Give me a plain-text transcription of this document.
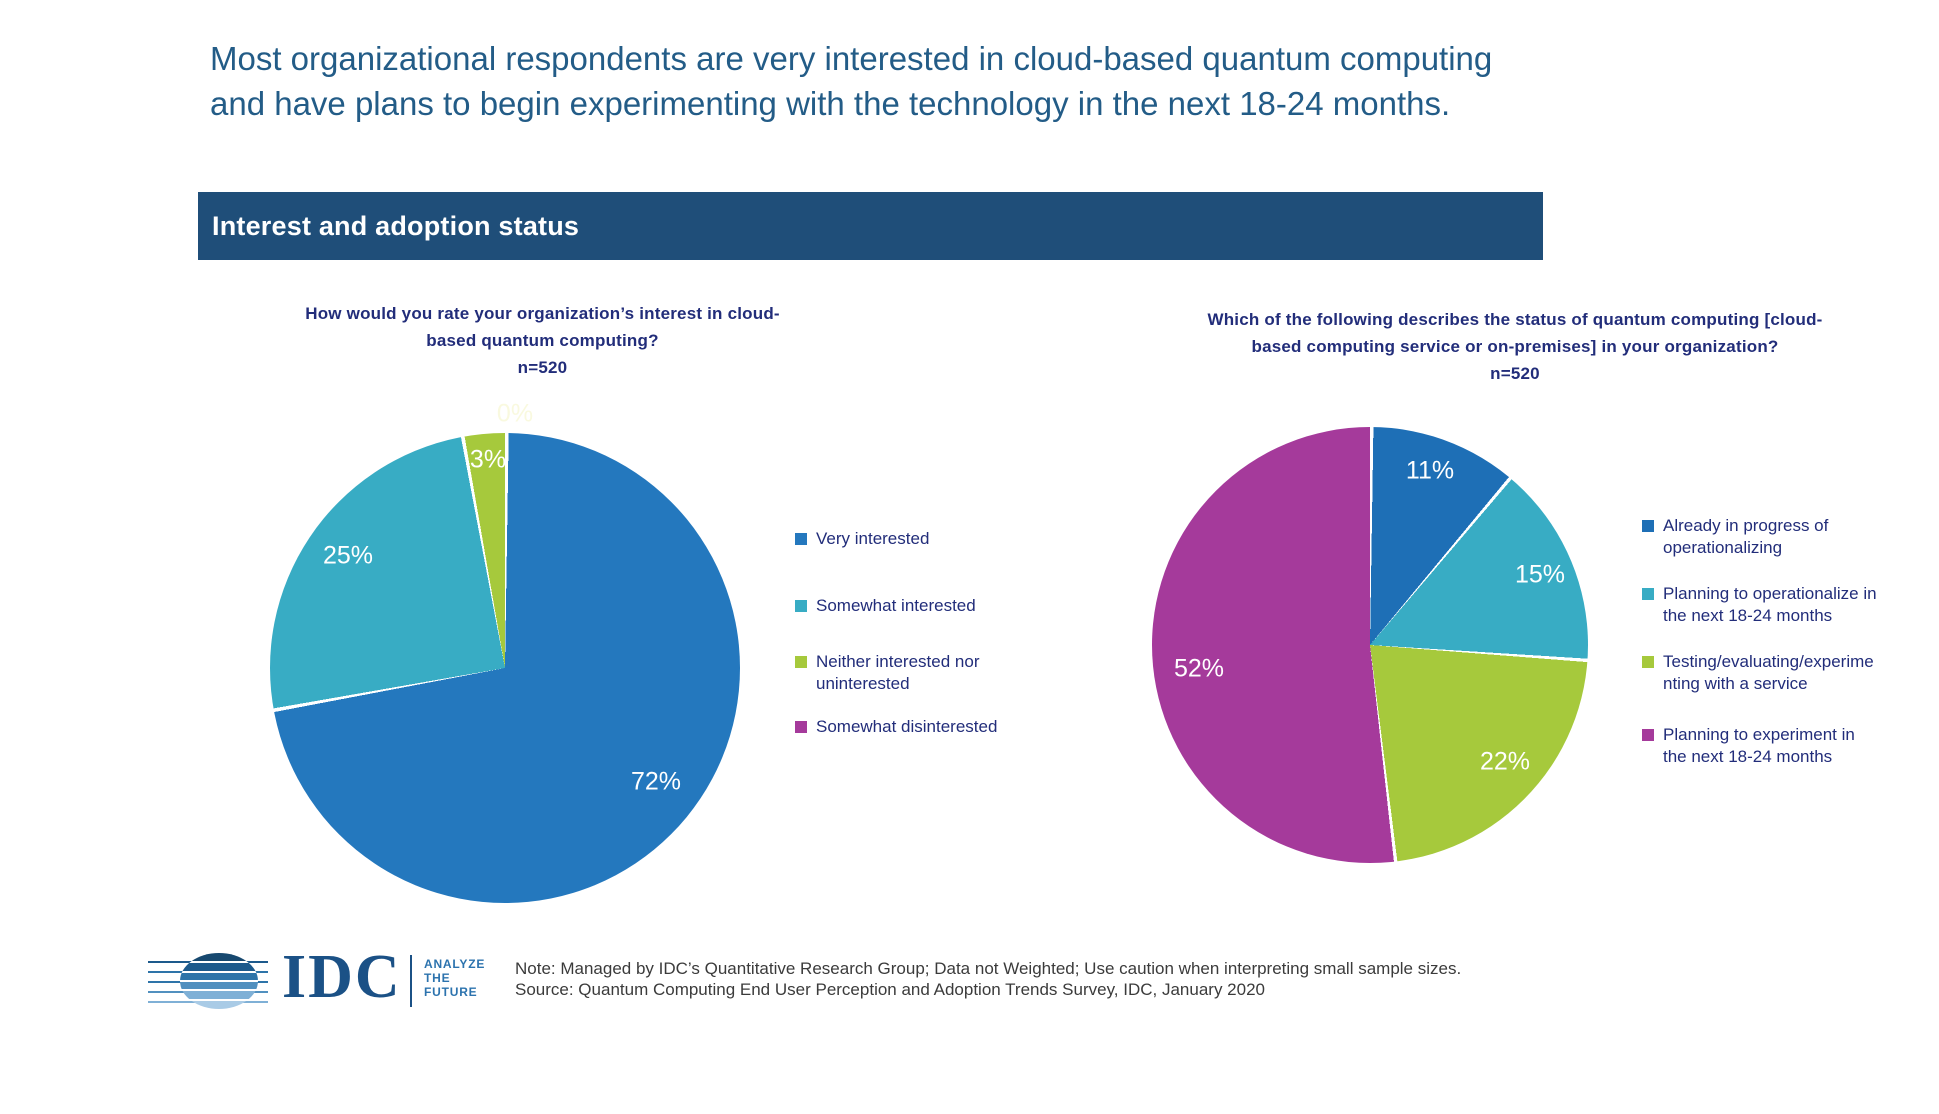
Most organizational respondents are very interested in cloud-based quantum computing
and have plans to begin experimenting with the technology in the next 18-24 months.
Interest and adoption status
How would you rate your organization’s interest in cloud-based quantum computing?
n=520
0%
3%
25%
72%
Very interested
Somewhat interested
Neither interested nor uninterested
Somewhat disinterested
Which of the following describes the status of quantum computing [cloud-based computing service or on-premises] in your organization?
n=520
11%
15%
22%
52%
Already in progress of operationalizing
Planning to operationalize in the next 18-24 months
Testing/evaluating/experimenting with a service
Planning to experiment in the next 18-24 months
IDC ANALYZE
THE
FUTURE
Note: Managed by IDC’s Quantitative Research Group; Data not Weighted; Use caution when interpreting small sample sizes.
Source: Quantum Computing End User Perception and Adoption Trends Survey, IDC, January 2020
